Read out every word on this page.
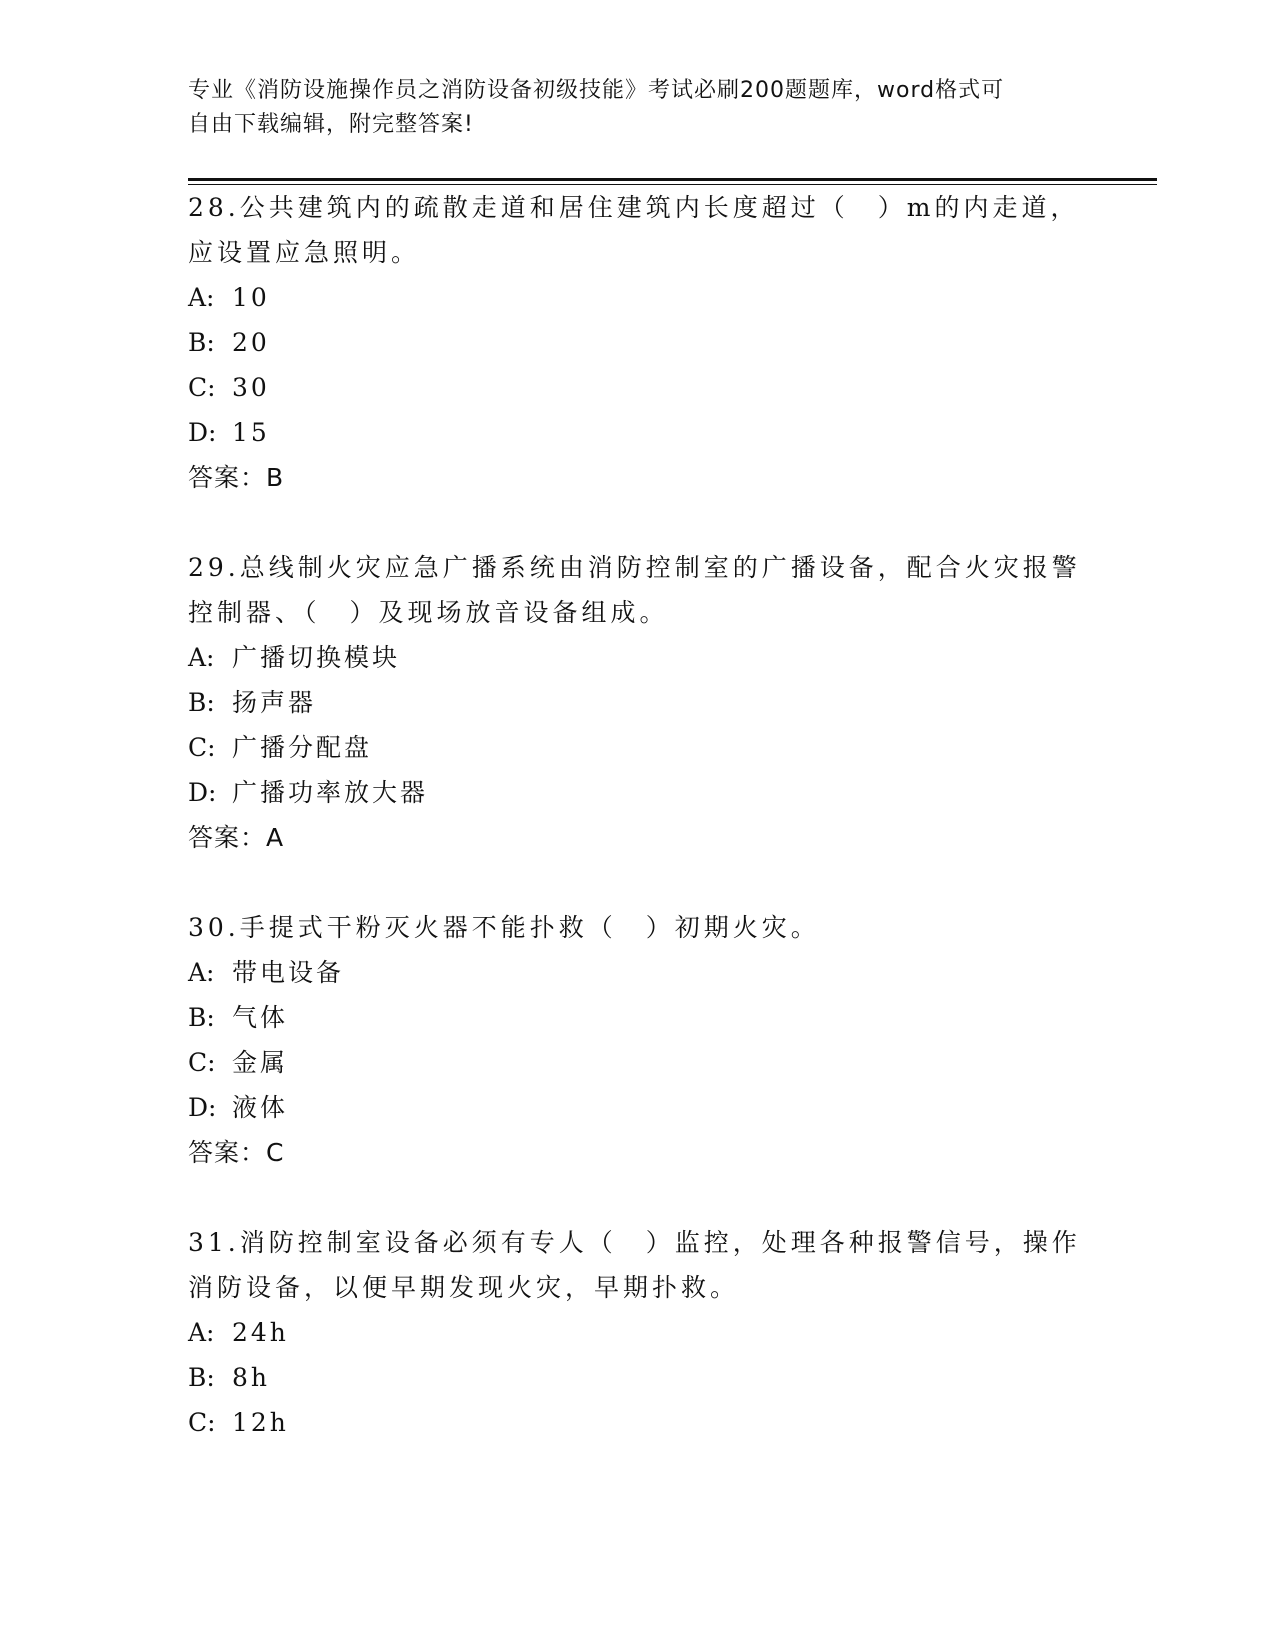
专业《消防设施操作员之消防设备初级技能》考试必刷200题题库，word格式可
自由下载编辑，附完整答案!
28.公共建筑内的疏散走道和居住建筑内长度超过（　）m的内走道，
应设置应急照明。
A: 10
B: 20
C: 30
D: 15
答案：B
29.总线制火灾应急广播系统由消防控制室的广播设备，配合火灾报警
控制器、（　）及现场放音设备组成。
A: 广播切换模块
B: 扬声器
C: 广播分配盘
D: 广播功率放大器
答案：A
30.手提式干粉灭火器不能扑救（　）初期火灾。
A: 带电设备
B: 气体
C: 金属
D: 液体
答案：C
31.消防控制室设备必须有专人（　）监控，处理各种报警信号，操作
消防设备，以便早期发现火灾，早期扑救。
A: 24h
B: 8h
C: 12h
